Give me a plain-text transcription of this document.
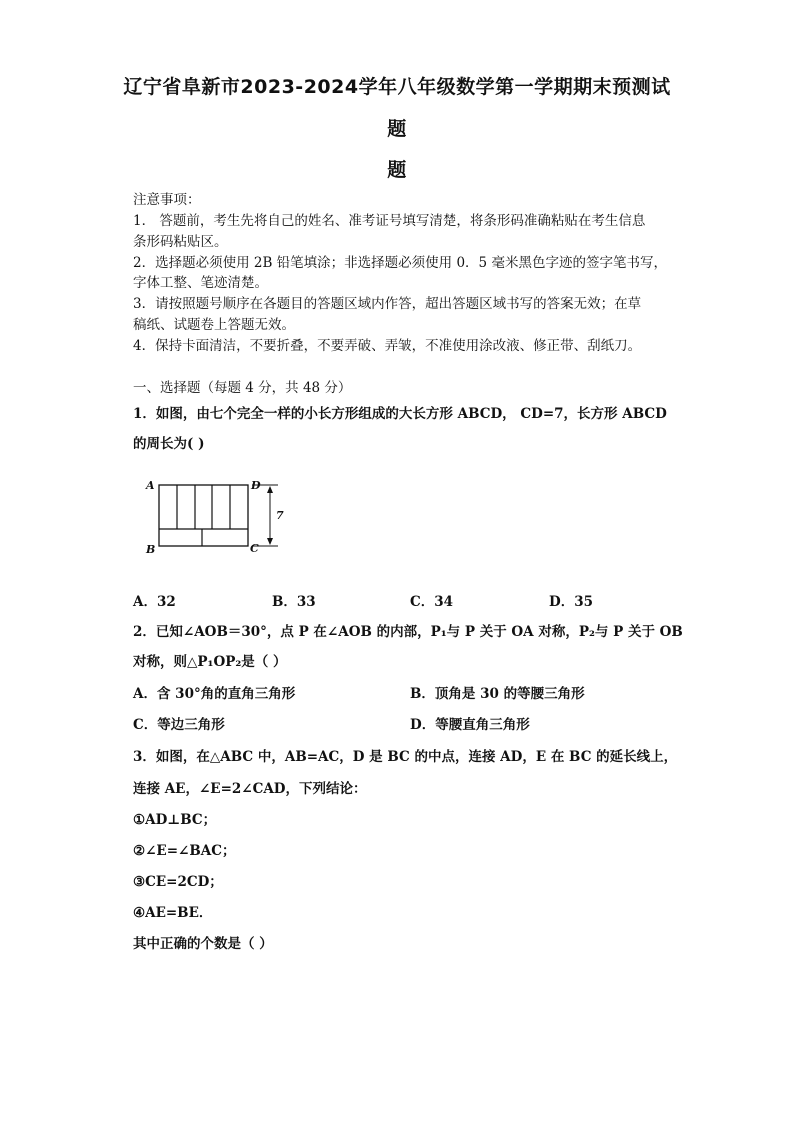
辽宁省阜新市2023-2024学年八年级数学第一学期期末预测试
题
题
注意事项：
1． 答题前，考生先将自己的姓名、准考证号填写清楚，将条形码准确粘贴在考生信息
条形码粘贴区。
2．选择题必须使用 2B 铅笔填涂；非选择题必须使用 0．5 毫米黑色字迹的签字笔书写，
字体工整、笔迹清楚。
3．请按照题号顺序在各题目的答题区域内作答，超出答题区域书写的答案无效；在草
稿纸、试题卷上答题无效。
4．保持卡面清洁，不要折叠，不要弄破、弄皱，不准使用涂改液、修正带、刮纸刀。
一、选择题（每题 4 分，共 48 分）
1．如图，由七个完全一样的小长方形组成的大长方形 ABCD， CD=7，长方形 ABCD
的周长为( )
7
A	D
B	C
A．32	B．33	C．34	D．35
2．已知∠AOB＝30°，点 P 在∠AOB 的内部，P₁与 P 关于 OA 对称，P₂与 P 关于 OB
对称，则△P₁OP₂是（ ）
A．含 30°角的直角三角形	B．顶角是 30 的等腰三角形
C．等边三角形	D．等腰直角三角形
3．如图，在△ABC 中，AB=AC，D 是 BC 的中点，连接 AD，E 在 BC 的延长线上，
连接 AE，∠E=2∠CAD，下列结论：
①AD⊥BC；
②∠E=∠BAC；
③CE=2CD；
④AE=BE．
其中正确的个数是（ ）
